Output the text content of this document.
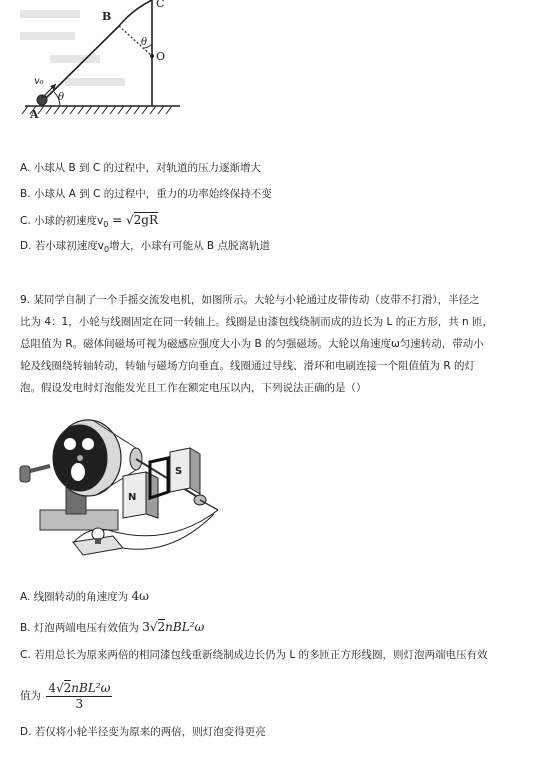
B
C
O
A
θ
θ
v₀
A. 小球从 B 到 C 的过程中，对轨道的压力逐渐增大
B. 小球从 A 到 C 的过程中，重力的功率始终保持不变
C. 小球的初速度$v_0 = √2gR$
D. 若小球初速度$v_0$增大，小球有可能从 B 点脱离轨道
9. 某同学自制了一个手摇交流发电机，如图所示。大轮与小轮通过皮带传动（皮带不打滑），半径之
比为 4：1，小轮与线圈固定在同一转轴上。线圈是由漆包线绕制而成的边长为 L 的正方形，共 n 匝，
总阻值为 R。磁体间磁场可视为磁感应强度大小为 B 的匀强磁场。大轮以角速度ω匀速转动，带动小
轮及线圈绕转轴转动，转轴与磁场方向垂直。线圈通过导线、滑环和电刷连接一个阻值值为 R 的灯
泡。假设发电时灯泡能发光且工作在额定电压以内，下列说法正确的是（）
N
S
A. 线圈转动的角速度为 4ω
B. 灯泡两端电压有效值为 3√2nBL²ω
C. 若用总长为原来两倍的相同漆包线重新绕制成边长仍为 L 的多匝正方形线圈，则灯泡两端电压有效
值为
4√2nBL²ω
3
D. 若仅将小轮半径变为原来的两倍，则灯泡变得更亮
